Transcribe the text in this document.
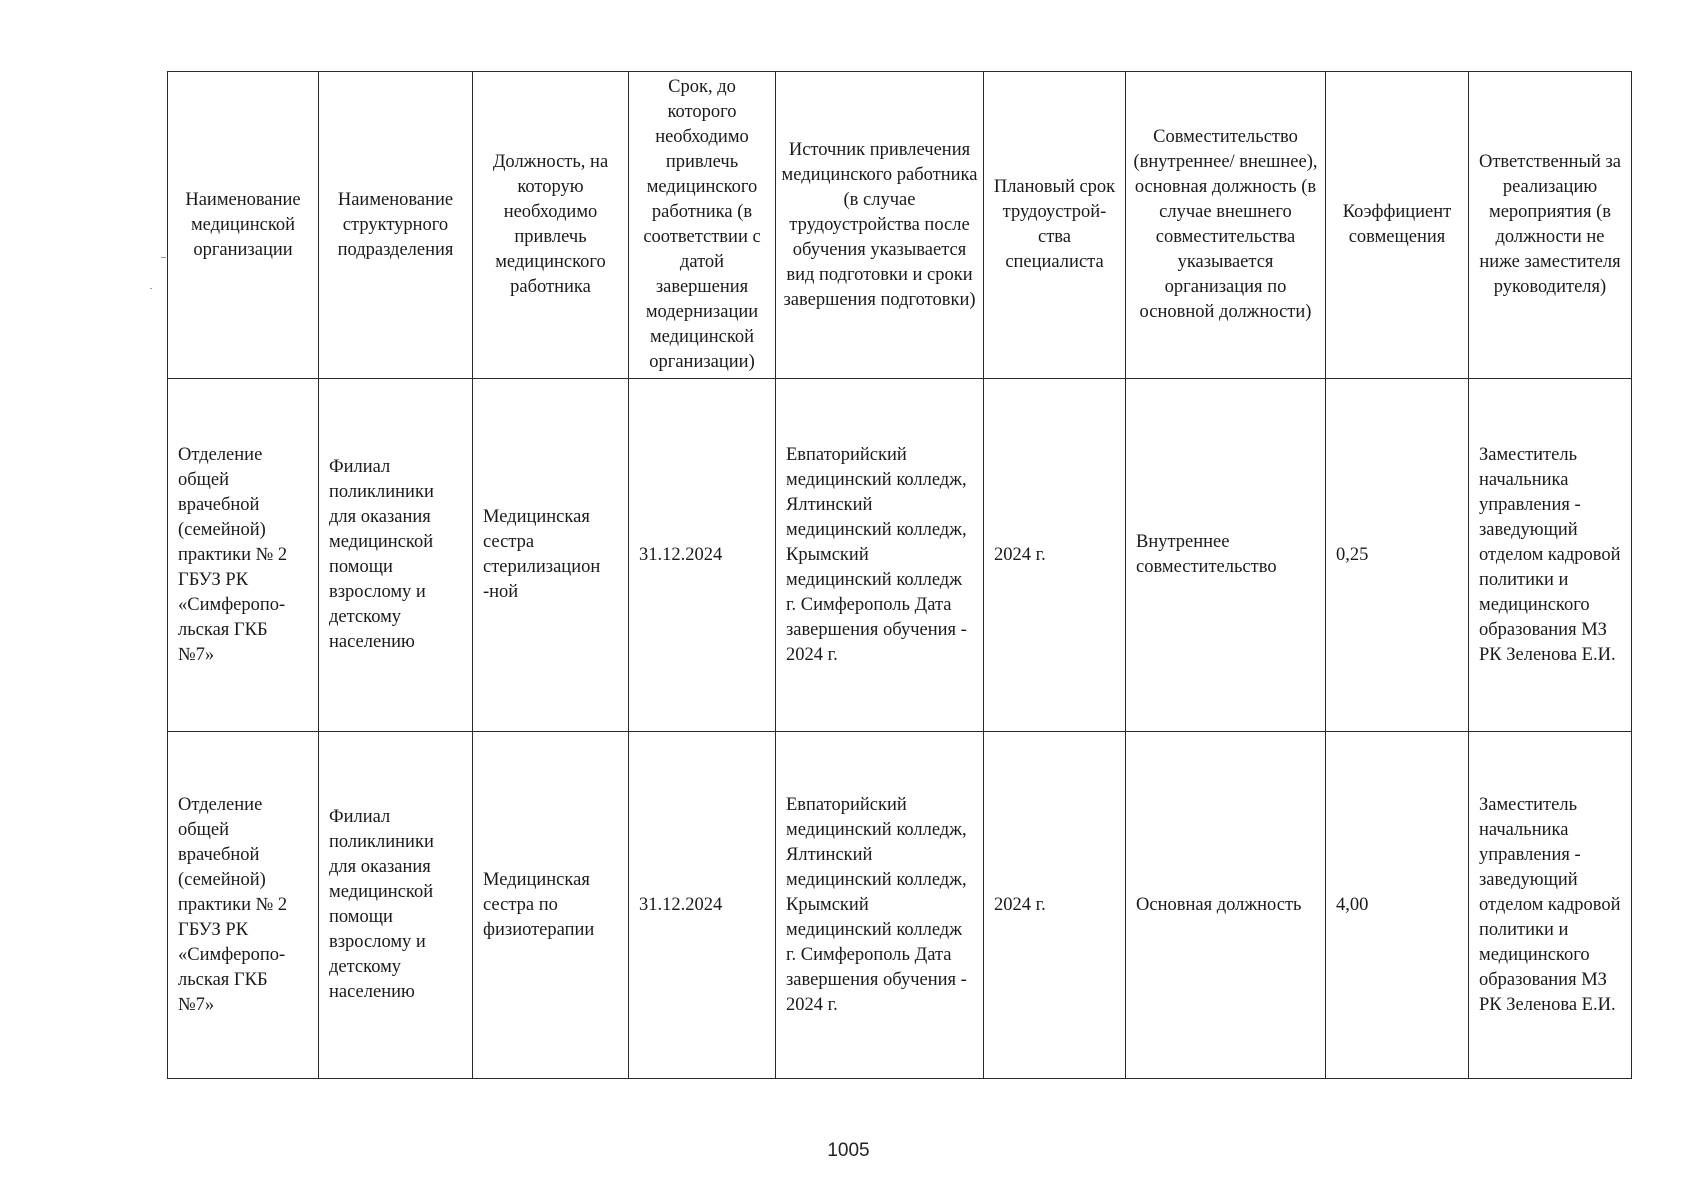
Наименование медицинской организации	Наименование структурного подразделения	Должность, на которую необходимо привлечь медицинского работника	Срок, до которого необходимо привлечь медицинского работника (в соответствии с датой завершения модернизации медицинской организации)	Источник привлечения медицинского работника (в случае трудоустройства после обучения указывается вид подготовки и сроки завершения подготовки)	Плановый срок трудоустрой-ства специалиста	Совместительство (внутреннее/ внешнее), основная должность (в случае внешнего совместительства указывается организация по основной должности)	Коэффициент совмещения	Ответственный за реализацию мероприятия (в должности не ниже заместителя руководителя)
Отделение общей врачебной (семейной) практики № 2 ГБУЗ РК «Симферопо-льская ГКБ №7»	Филиал поликлиники для оказания медицинской помощи взрослому и детскому населению	Медицинская сестра стерилизацион -ной	31.12.2024	Евпаторийский медицинский колледж, Ялтинский медицинский колледж, Крымский медицинский колледж г. Симферополь Дата завершения обучения - 2024 г.	2024 г.	Внутреннее совместительство	0,25	Заместитель начальника управления - заведующий отделом кадровой политики и медицинского образования МЗ РК Зеленова Е.И.
Отделение общей врачебной (семейной) практики № 2 ГБУЗ РК «Симферопо-льская ГКБ №7»	Филиал поликлиники для оказания медицинской помощи взрослому и детскому населению	Медицинская сестра по физиотерапии	31.12.2024	Евпаторийский медицинский колледж, Ялтинский медицинский колледж, Крымский медицинский колледж г. Симферополь Дата завершения обучения - 2024 г.	2024 г.	Основная должность	4,00	Заместитель начальника управления - заведующий отделом кадровой политики и медицинского образования МЗ РК Зеленова Е.И.
1005
